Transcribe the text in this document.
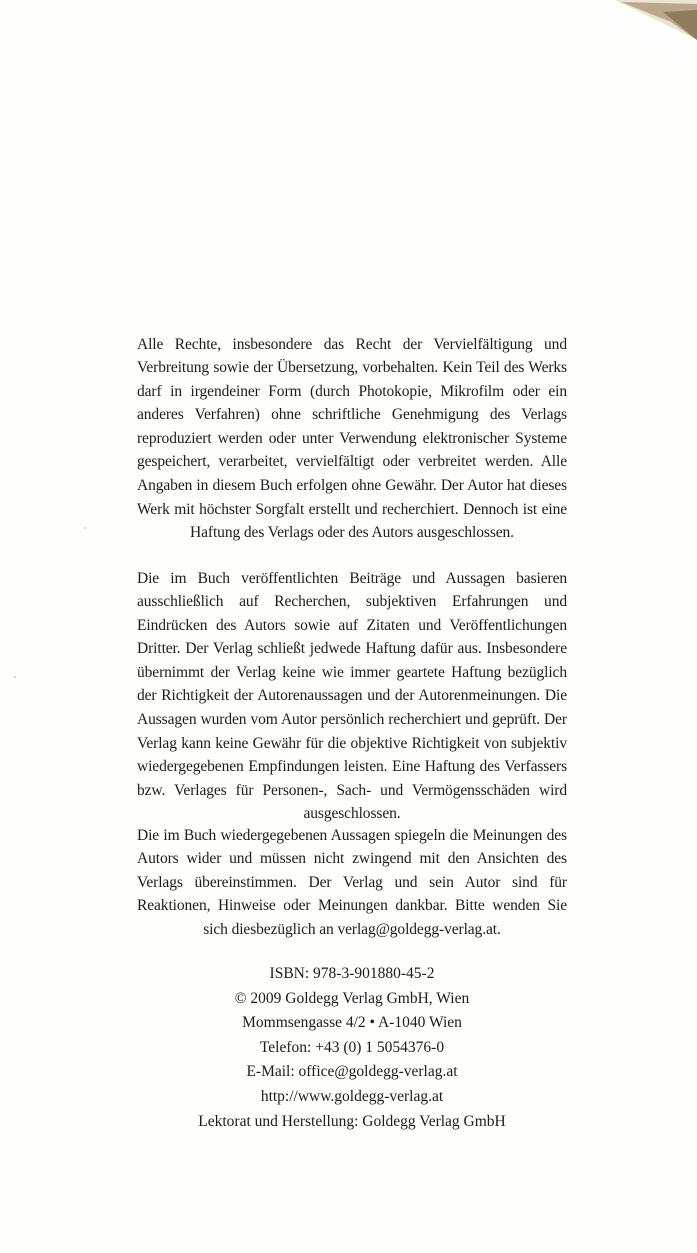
Alle Rechte, insbesondere das Recht der Vervielfältigung und Verbreitung sowie der Übersetzung, vorbehalten. Kein Teil des Werks darf in irgendeiner Form (durch Photokopie, Mikrofilm oder ein anderes Verfahren) ohne schriftliche Genehmigung des Verlags reproduziert werden oder unter Verwendung elektronischer Systeme gespeichert, verarbeitet, vervielfältigt oder verbreitet werden. Alle Angaben in diesem Buch erfolgen ohne Gewähr. Der Autor hat dieses Werk mit höchster Sorgfalt erstellt und recherchiert. Dennoch ist eine Haftung des Verlags oder des Autors ausgeschlossen.

Die im Buch veröffentlichten Beiträge und Aussagen basieren ausschließlich auf Recherchen, subjektiven Erfahrungen und Eindrücken des Autors sowie auf Zitaten und Veröffentlichungen Dritter. Der Verlag schließt jedwede Haftung dafür aus. Insbesondere übernimmt der Verlag keine wie immer geartete Haftung bezüglich der Richtigkeit der Autorenaussagen und der Autorenmeinungen. Die Aussagen wurden vom Autor persönlich recherchiert und geprüft. Der Verlag kann keine Gewähr für die objektive Richtigkeit von subjektiv wiedergegebenen Empfindungen leisten. Eine Haftung des Verfassers bzw. Verlages für Personen-, Sach- und Vermögensschäden wird ausgeschlossen.

Die im Buch wiedergegebenen Aussagen spiegeln die Meinungen des Autors wider und müssen nicht zwingend mit den Ansichten des Verlags übereinstimmen. Der Verlag und sein Autor sind für Reaktionen, Hinweise oder Meinungen dankbar. Bitte wenden Sie sich diesbezüglich an verlag@goldegg-verlag.at.

ISBN: 978-3-901880-45-2
© 2009 Goldegg Verlag GmbH, Wien
Mommsengasse 4/2 • A-1040 Wien
Telefon: +43 (0) 1 5054376-0
E-Mail: office@goldegg-verlag.at
http://www.goldegg-verlag.at
Lektorat und Herstellung: Goldegg Verlag GmbH
